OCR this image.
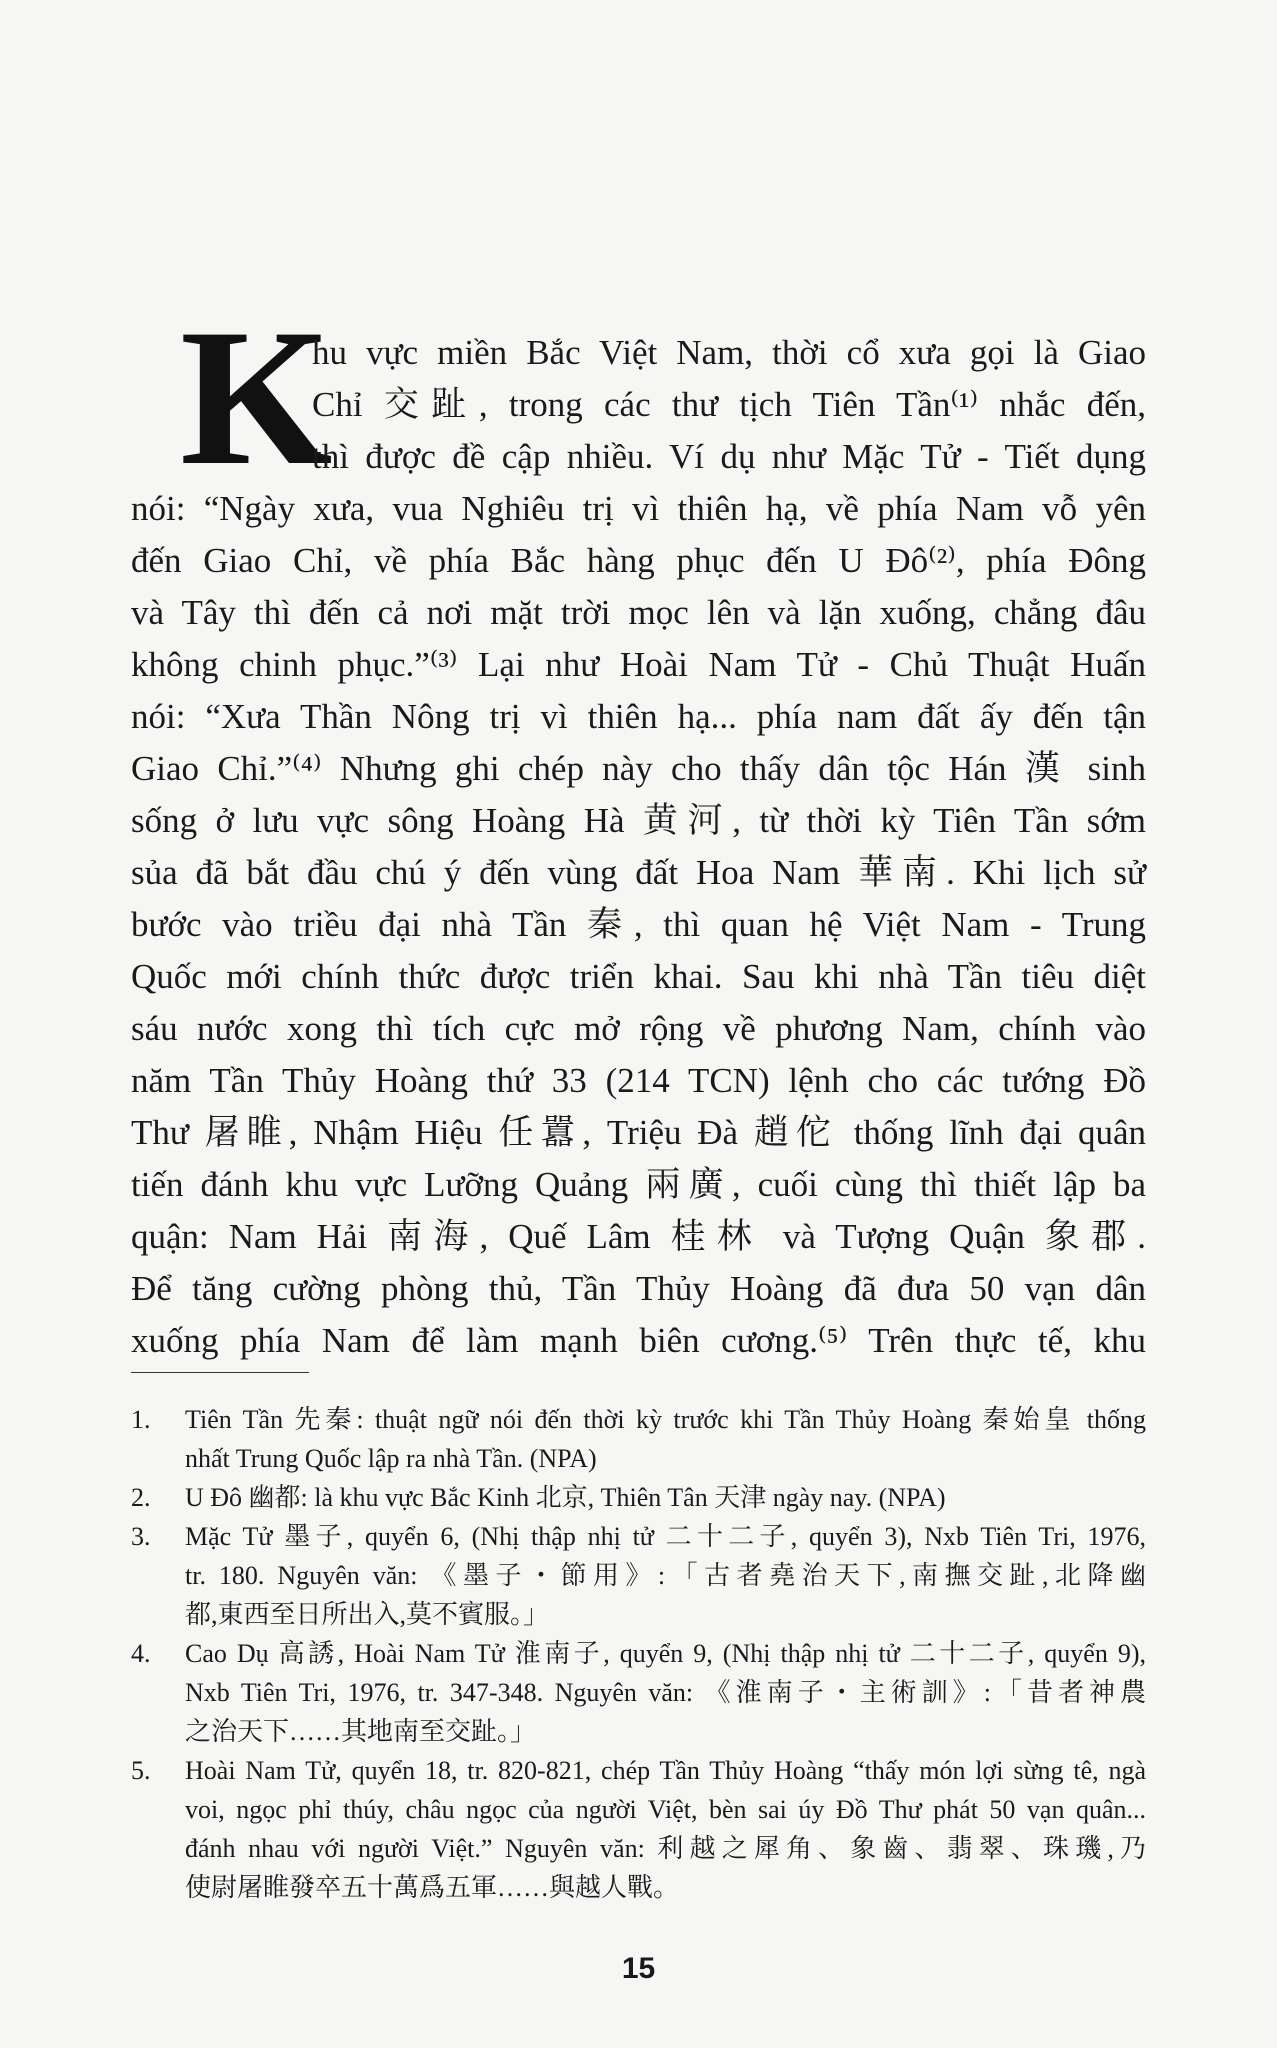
K
hu vực miền Bắc Việt Nam, thời cổ xưa gọi là Giao
Chỉ 交趾, trong các thư tịch Tiên Tần⁽¹⁾ nhắc đến,
thì được đề cập nhiều. Ví dụ như Mặc Tử - Tiết dụng
nói: “Ngày xưa, vua Nghiêu trị vì thiên hạ, về phía Nam vỗ yên
đến Giao Chỉ, về phía Bắc hàng phục đến U Đô⁽²⁾, phía Đông
và Tây thì đến cả nơi mặt trời mọc lên và lặn xuống, chẳng đâu
không chinh phục.”⁽³⁾ Lại như Hoài Nam Tử - Chủ Thuật Huấn
nói: “Xưa Thần Nông trị vì thiên hạ... phía nam đất ấy đến tận
Giao Chỉ.”⁽⁴⁾ Nhưng ghi chép này cho thấy dân tộc Hán 漢 sinh
sống ở lưu vực sông Hoàng Hà 黄河, từ thời kỳ Tiên Tần sớm
sủa đã bắt đầu chú ý đến vùng đất Hoa Nam 華南. Khi lịch sử
bước vào triều đại nhà Tần 秦, thì quan hệ Việt Nam - Trung
Quốc mới chính thức được triển khai. Sau khi nhà Tần tiêu diệt
sáu nước xong thì tích cực mở rộng về phương Nam, chính vào
năm Tần Thủy Hoàng thứ 33 (214 TCN) lệnh cho các tướng Đồ
Thư 屠睢, Nhậm Hiệu 任囂, Triệu Đà 趙佗 thống lĩnh đại quân
tiến đánh khu vực Lưỡng Quảng 兩廣, cuối cùng thì thiết lập ba
quận: Nam Hải 南海, Quế Lâm 桂林 và Tượng Quận 象郡.
Để tăng cường phòng thủ, Tần Thủy Hoàng đã đưa 50 vạn dân
xuống phía Nam để làm mạnh biên cương.⁽⁵⁾ Trên thực tế, khu
1. Tiên Tần 先秦: thuật ngữ nói đến thời kỳ trước khi Tần Thủy Hoàng 秦始皇 thống
nhất Trung Quốc lập ra nhà Tần. (NPA)
2. U Đô 幽都: là khu vực Bắc Kinh 北京, Thiên Tân 天津 ngày nay. (NPA)
3. Mặc Tử 墨子, quyển 6, (Nhị thập nhị tử 二十二子, quyển 3), Nxb Tiên Tri, 1976,
tr. 180. Nguyên văn: 《墨子・節用》:「古者堯治天下,南撫交趾,北降幽
都,東西至日所出入,莫不賓服。」
4. Cao Dụ 高誘, Hoài Nam Tử 淮南子, quyển 9, (Nhị thập nhị tử 二十二子, quyển 9),
Nxb Tiên Tri, 1976, tr. 347-348. Nguyên văn: 《淮南子・主術訓》:「昔者神農
之治天下……其地南至交趾。」
5. Hoài Nam Tử, quyển 18, tr. 820-821, chép Tần Thủy Hoàng “thấy món lợi sừng tê, ngà
voi, ngọc phỉ thúy, châu ngọc của người Việt, bèn sai úy Đồ Thư phát 50 vạn quân...
đánh nhau với người Việt.” Nguyên văn: 利越之犀角、象齒、翡翠、珠璣,乃
使尉屠睢發卒五十萬爲五軍……與越人戰。
15
